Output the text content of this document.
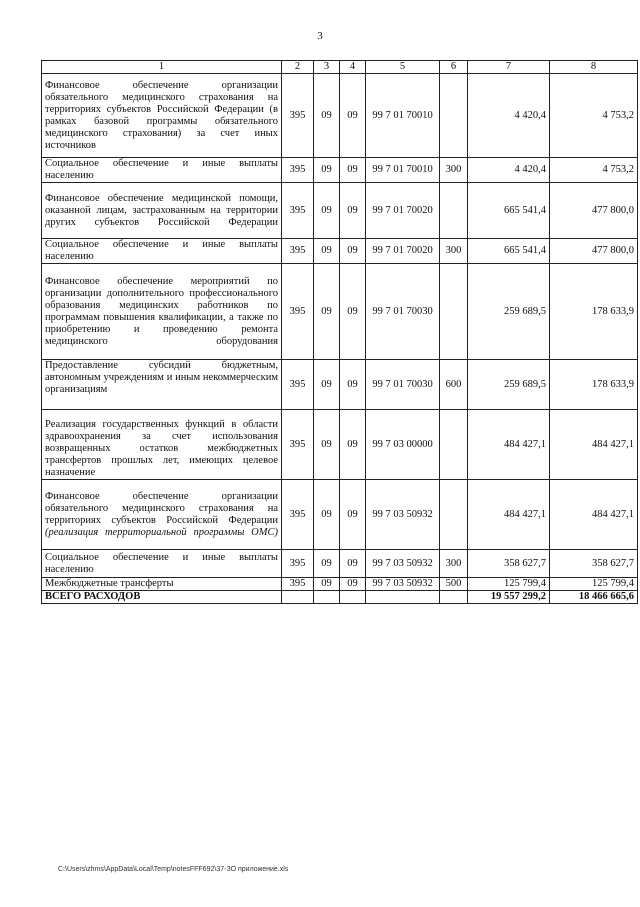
3
1	2	3	4	5	6	7	8
Финансовое обеспечение организации обязательного медицинского страхования на территориях субъектов Российской Федерации (в рамках базовой программы обязательного медицинского страхования) за счет иных источников	395	09	09	99 7 01 70010		4 420,4	4 753,2
Социальное обеспечение и иные выплаты населению	395	09	09	99 7 01 70010	300	4 420,4	4 753,2
Финансовое обеспечение медицинской помощи, оказанной лицам, застрахованным на территории других субъектов Российской Федерации	395	09	09	99 7 01 70020		665 541,4	477 800,0
Социальное обеспечение и иные выплаты населению	395	09	09	99 7 01 70020	300	665 541,4	477 800,0
Финансовое обеспечение мероприятий по организации дополнительного профессионального образования медицинских работников по программам повышения квалификации, а также по приобретению и проведению ремонта медицинского оборудования	395	09	09	99 7 01 70030		259 689,5	178 633,9
Предоставление субсидий бюджетным, автономным учреждениям и иным некоммерческим организациям	395	09	09	99 7 01 70030	600	259 689,5	178 633,9
Реализация государственных функций в области здравоохранения за счет использования возвращенных остатков межбюджетных трансфертов прошлых лет, имеющих целевое назначение	395	09	09	99 7 03 00000		484 427,1	484 427,1
Финансовое обеспечение организации обязательного медицинского страхования на территориях субъектов Российской Федерации (реализация территориальной программы ОМС)	395	09	09	99 7 03 50932		484 427,1	484 427,1
Социальное обеспечение и иные выплаты населению	395	09	09	99 7 03 50932	300	358 627,7	358 627,7
Межбюджетные трансферты	395	09	09	99 7 03 50932	500	125 799,4	125 799,4
ВСЕГО РАСХОДОВ						19 557 299,2	18 466 665,6
C:\Users\zhms\AppData\Local\Temp\notesFFF692\37-ЗО приложение.xls
